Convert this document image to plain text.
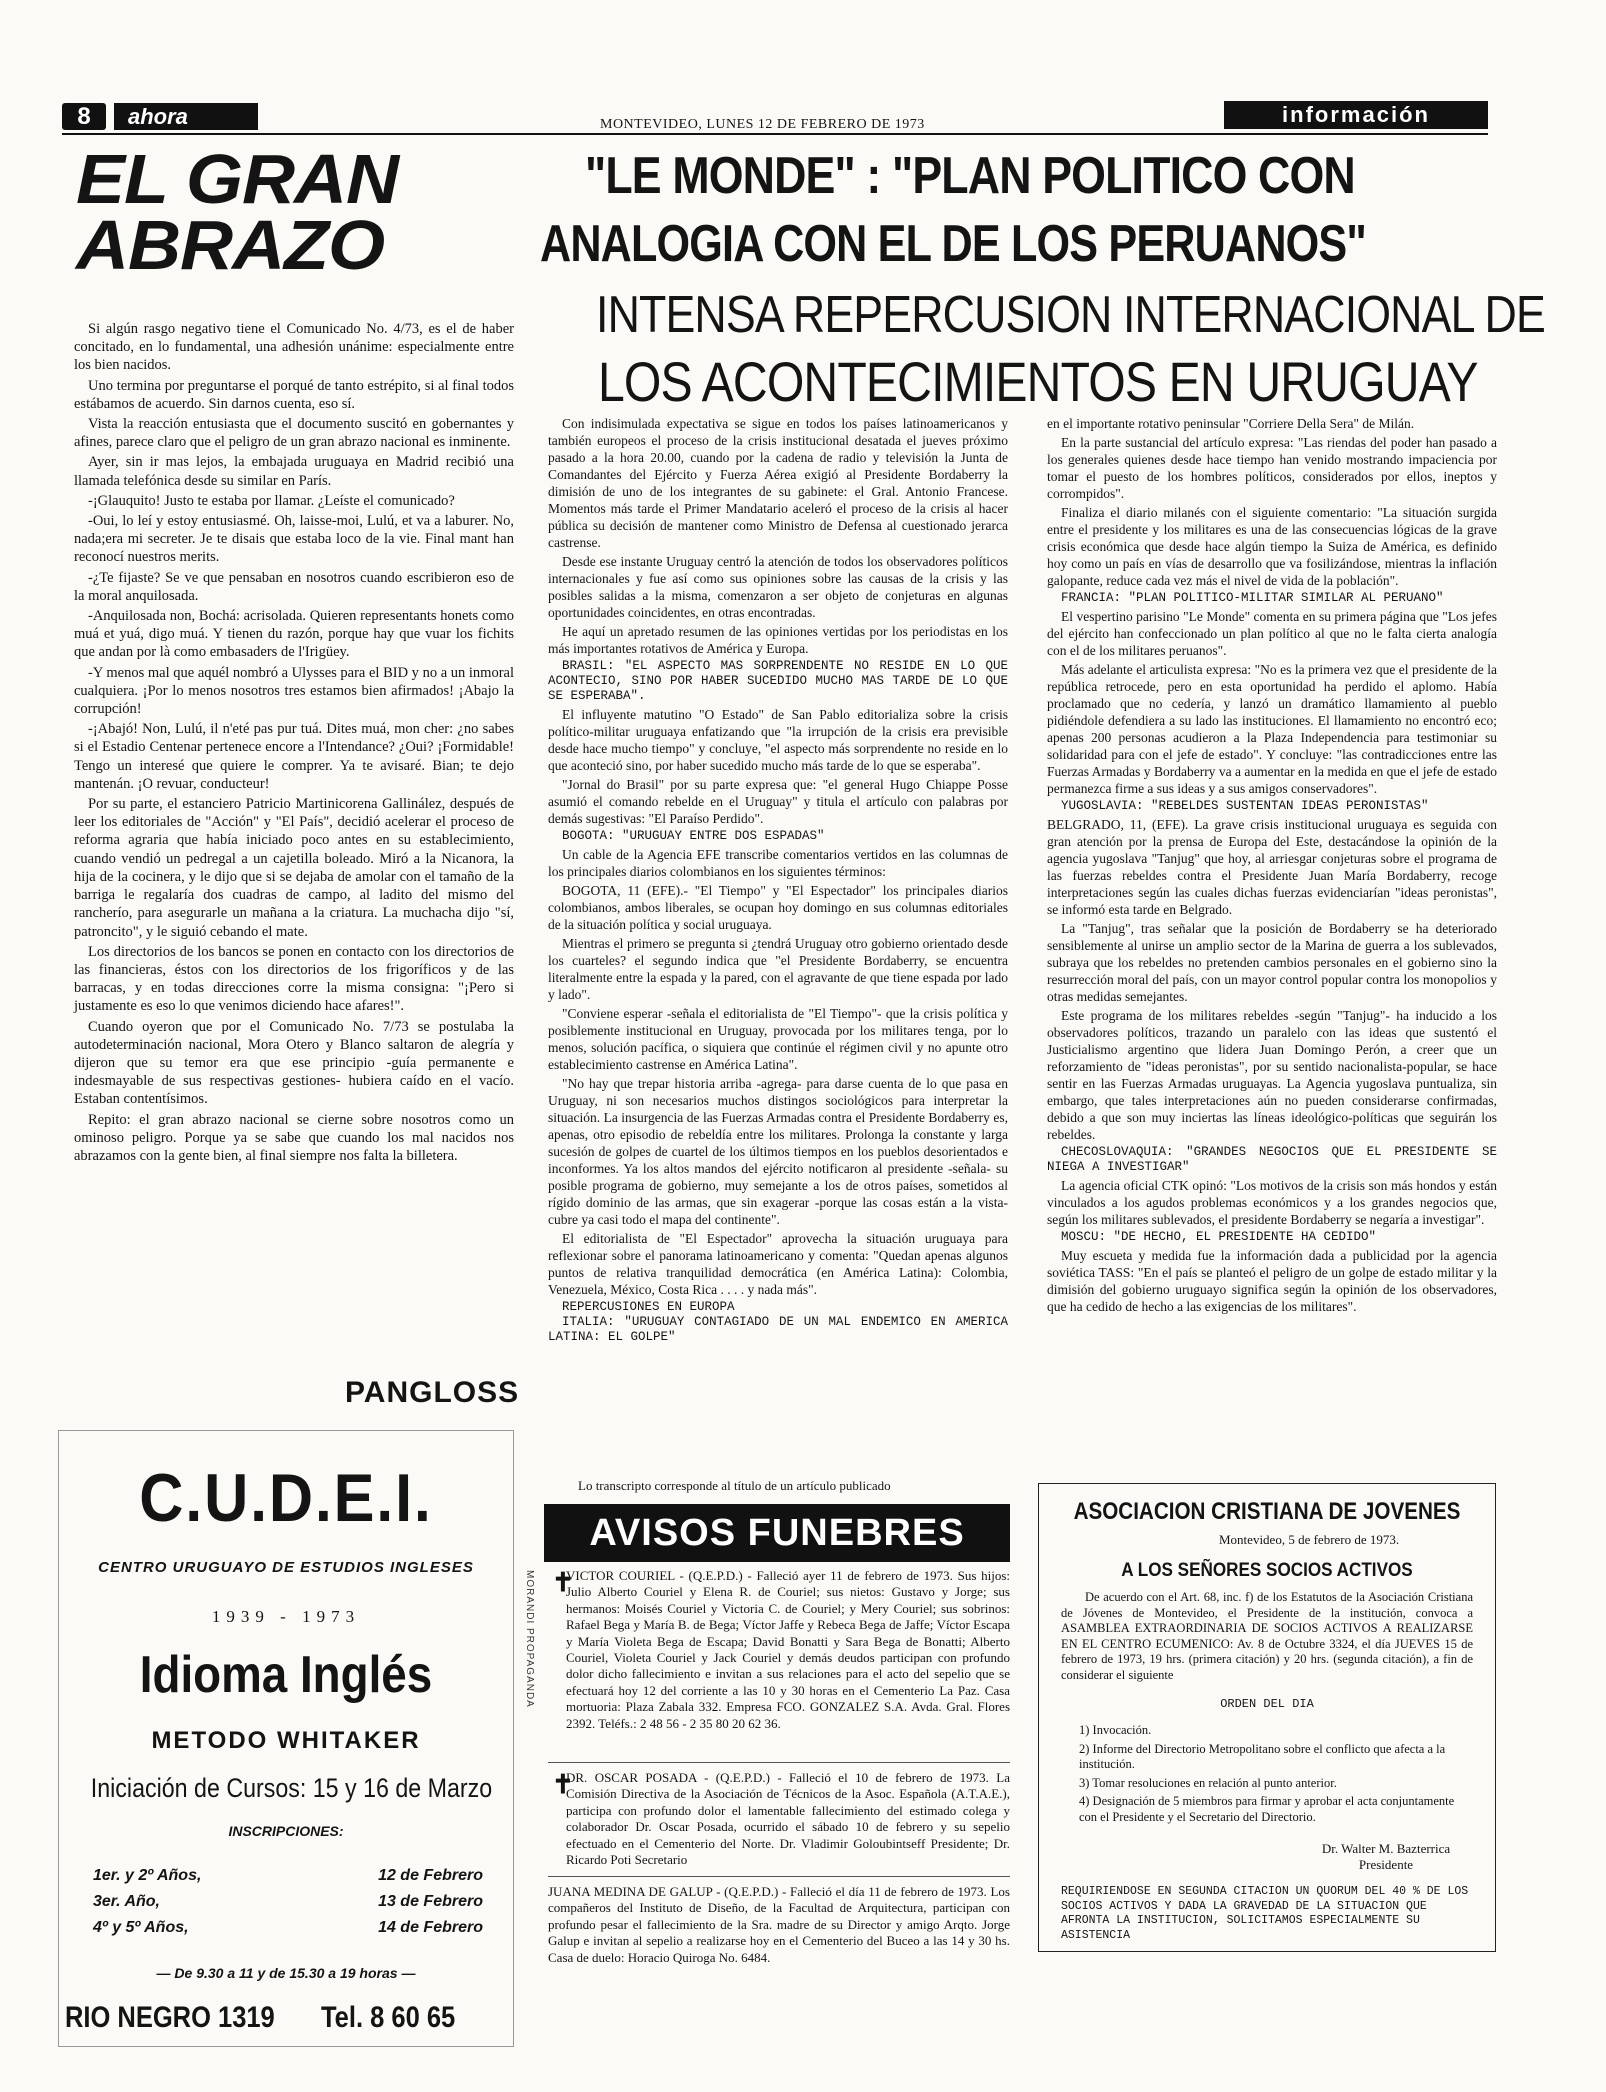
8	ahora	MONTEVIDEO, LUNES 12 DE FEBRERO DE 1973	información
EL GRAN
ABRAZO
"LE MONDE" : "PLAN POLITICO CON
ANALOGIA CON EL DE LOS PERUANOS"
INTENSA REPERCUSION INTERNACIONAL DE
LOS ACONTECIMIENTOS EN URUGUAY

Si algún rasgo negativo tiene el Comunicado No. 4/73, es el de haber concitado, en lo fundamental, una adhesión unánime: especialmente entre los bien nacidos.

Uno termina por preguntarse el porqué de tanto estrépito, si al final todos estábamos de acuerdo. Sin darnos cuenta, eso sí.

Vista la reacción entusiasta que el documento suscitó en gobernantes y afines, parece claro que el peligro de un gran abrazo nacional es inminente.

Ayer, sin ir mas lejos, la embajada uruguaya en Madrid recibió una llamada telefónica desde su similar en París.

-¡Glauquito! Justo te estaba por llamar. ¿Leíste el comunicado?

-Oui, lo leí y estoy entusiasmé. Oh, laisse-moi, Lulú, et va a laburer. No, nada;era mi secreter. Je te disais que estaba loco de la vie. Final mant han reconocí nuestros merits.

-¿Te fijaste? Se ve que pensaban en nosotros cuando escribieron eso de la moral anquilosada.

-Anquilosada non, Bochá: acrisolada. Quieren representants honets como muá et yuá, digo muá. Y tienen du razón, porque hay que vuar los fichits que andan por là como embasaders de l'Irigüey.

-Y menos mal que aquél nombró a Ulysses para el BID y no a un inmoral cualquiera. ¡Por lo menos nosotros tres estamos bien afirmados! ¡Abajo la corrupción!

-¡Abajó! Non, Lulú, il n'eté pas pur tuá. Dites muá, mon cher: ¿no sabes si el Estadio Centenar pertenece encore a l'Intendance? ¿Oui? ¡Formidable! Tengo un interesé que quiere le comprer. Ya te avisaré. Bian; te dejo mantenán. ¡O revuar, conducteur!

Por su parte, el estanciero Patricio Martinicorena Gallinález, después de leer los editoriales de "Acción" y "El País", decidió acelerar el proceso de reforma agraria que había iniciado poco antes en su establecimiento, cuando vendió un pedregal a un cajetilla boleado. Miró a la Nicanora, la hija de la cocinera, y le dijo que si se dejaba de amolar con el tamaño de la barriga le regalaría dos cuadras de campo, al ladito del mismo del rancherío, para asegurarle un mañana a la criatura. La muchacha dijo "sí, patroncito", y le siguió cebando el mate.

Los directorios de los bancos se ponen en contacto con los directorios de las financieras, éstos con los directorios de los frigoríficos y de las barracas, y en todas direcciones corre la misma consigna: "¡Pero si justamente es eso lo que venimos diciendo hace afares!".

Cuando oyeron que por el Comunicado No. 7/73 se postulaba la autodeterminación nacional, Mora Otero y Blanco saltaron de alegría y dijeron que su temor era que ese principio -guía permanente e indesmayable de sus respectivas gestiones- hubiera caído en el vacío. Estaban contentísimos.

Repito: el gran abrazo nacional se cierne sobre nosotros como un ominoso peligro. Porque ya se sabe que cuando los mal nacidos nos abrazamos con la gente bien, al final siempre nos falta la billetera.

PANGLOSS

Con indisimulada expectativa se sigue en todos los países latinoamericanos y también europeos el proceso de la crisis institucional desatada el jueves próximo pasado a la hora 20.00, cuando por la cadena de radio y televisión la Junta de Comandantes del Ejército y Fuerza Aérea exigió al Presidente Bordaberry la dimisión de uno de los integrantes de su gabinete: el Gral. Antonio Francese. Momentos más tarde el Primer Mandatario aceleró el proceso de la crisis al hacer pública su decisión de mantener como Ministro de Defensa al cuestionado jerarca castrense.

Desde ese instante Uruguay centró la atención de todos los observadores políticos internacionales y fue así como sus opiniones sobre las causas de la crisis y las posibles salidas a la misma, comenzaron a ser objeto de conjeturas en algunas oportunidades coincidentes, en otras encontradas.

He aquí un apretado resumen de las opiniones vertidas por los periodistas en los más importantes rotativos de América y Europa.

BRASIL: "EL ASPECTO MAS SORPRENDENTE NO RESIDE EN LO QUE ACONTECIO, SINO POR HABER SUCEDIDO MUCHO MAS TARDE DE LO QUE SE ESPERABA".

El influyente matutino "O Estado" de San Pablo editorializa sobre la crisis político-militar uruguaya enfatizando que "la irrupción de la crisis era previsible desde hace mucho tiempo" y concluye, "el aspecto más sorprendente no reside en lo que aconteció sino, por haber sucedido mucho más tarde de lo que se esperaba".

"Jornal do Brasil" por su parte expresa que: "el general Hugo Chiappe Posse asumió el comando rebelde en el Uruguay" y titula el artículo con palabras por demás sugestivas: "El Paraíso Perdido".

BOGOTA: "URUGUAY ENTRE DOS ESPADAS"

Un cable de la Agencia EFE transcribe comentarios vertidos en las columnas de los principales diarios colombianos en los siguientes términos:

BOGOTA, 11 (EFE).- "El Tiempo" y "El Espectador" los principales diarios colombianos, ambos liberales, se ocupan hoy domingo en sus columnas editoriales de la situación política y social uruguaya.

Mientras el primero se pregunta si ¿tendrá Uruguay otro gobierno orientado desde los cuarteles? el segundo indica que "el Presidente Bordaberry, se encuentra literalmente entre la espada y la pared, con el agravante de que tiene espada por lado y lado".

"Conviene esperar -señala el editorialista de "El Tiempo"- que la crisis política y posiblemente institucional en Uruguay, provocada por los militares tenga, por lo menos, solución pacífica, o siquiera que continúe el régimen civil y no apunte otro establecimiento castrense en América Latina".

"No hay que trepar historia arriba -agrega- para darse cuenta de lo que pasa en Uruguay, ni son necesarios muchos distingos sociológicos para interpretar la situación. La insurgencia de las Fuerzas Armadas contra el Presidente Bordaberry es, apenas, otro episodio de rebeldía entre los militares. Prolonga la constante y larga sucesión de golpes de cuartel de los últimos tiempos en los pueblos desorientados e inconformes. Ya los altos mandos del ejército notificaron al presidente -señala- su posible programa de gobierno, muy semejante a los de otros países, sometidos al rígido dominio de las armas, que sin exagerar -porque las cosas están a la vista- cubre ya casi todo el mapa del continente".

El editorialista de "El Espectador" aprovecha la situación uruguaya para reflexionar sobre el panorama latinoamericano y comenta: "Quedan apenas algunos puntos de relativa tranquilidad democrática (en América Latina): Colombia, Venezuela, México, Costa Rica . . . . y nada más".

REPERCUSIONES EN EUROPA

ITALIA: "URUGUAY CONTAGIADO DE UN MAL ENDEMICO EN AMERICA LATINA: EL GOLPE"

Lo transcripto corresponde al título de un artículo publicado

en el importante rotativo peninsular "Corriere Della Sera" de Milán.

En la parte sustancial del artículo expresa: "Las riendas del poder han pasado a los generales quienes desde hace tiempo han venido mostrando impaciencia por tomar el puesto de los hombres políticos, considerados por ellos, ineptos y corrompidos".

Finaliza el diario milanés con el siguiente comentario: "La situación surgida entre el presidente y los militares es una de las consecuencias lógicas de la grave crisis económica que desde hace algún tiempo la Suiza de América, es definido hoy como un país en vías de desarrollo que va fosilizándose, mientras la inflación galopante, reduce cada vez más el nivel de vida de la población".

FRANCIA: "PLAN POLITICO-MILITAR SIMILAR AL PERUANO"

El vespertino parisino "Le Monde" comenta en su primera página que "Los jefes del ejército han confeccionado un plan político al que no le falta cierta analogía con el de los militares peruanos".

Más adelante el articulista expresa: "No es la primera vez que el presidente de la república retrocede, pero en esta oportunidad ha perdido el aplomo. Había proclamado que no cedería, y lanzó un dramático llamamiento al pueblo pidiéndole defendiera a su lado las instituciones. El llamamiento no encontró eco; apenas 200 personas acudieron a la Plaza Independencia para testimoniar su solidaridad para con el jefe de estado". Y concluye: "las contradicciones entre las Fuerzas Armadas y Bordaberry va a aumentar en la medida en que el jefe de estado permanezca firme a sus ideas y a sus amigos conservadores".

YUGOSLAVIA: "REBELDES SUSTENTAN IDEAS PERONISTAS"

BELGRADO, 11, (EFE). La grave crisis institucional uruguaya es seguida con gran atención por la prensa de Europa del Este, destacándose la opinión de la agencia yugoslava "Tanjug" que hoy, al arriesgar conjeturas sobre el programa de las fuerzas rebeldes contra el Presidente Juan María Bordaberry, recoge interpretaciones según las cuales dichas fuerzas evidenciarían "ideas peronistas", se informó esta tarde en Belgrado.

La "Tanjug", tras señalar que la posición de Bordaberry se ha deteriorado sensiblemente al unirse un amplio sector de la Marina de guerra a los sublevados, subraya que los rebeldes no pretenden cambios personales en el gobierno sino la resurrección moral del país, con un mayor control popular contra los monopolios y otras medidas semejantes.

Este programa de los militares rebeldes -según "Tanjug"- ha inducido a los observadores políticos, trazando un paralelo con las ideas que sustentó el Justicialismo argentino que lidera Juan Domingo Perón, a creer que un reforzamiento de "ideas peronistas", por su sentido nacionalista-popular, se hace sentir en las Fuerzas Armadas uruguayas. La Agencia yugoslava puntualiza, sin embargo, que tales interpretaciones aún no pueden considerarse confirmadas, debido a que son muy inciertas las líneas ideológico-políticas que seguirán los rebeldes.

CHECOSLOVAQUIA: "GRANDES NEGOCIOS QUE EL PRESIDENTE SE NIEGA A INVESTIGAR"

La agencia oficial CTK opinó: "Los motivos de la crisis son más hondos y están vinculados a los agudos problemas económicos y a los grandes negocios que, según los militares sublevados, el presidente Bordaberry se negaría a investigar".

MOSCU: "DE HECHO, EL PRESIDENTE HA CEDIDO"

Muy escueta y medida fue la información dada a publicidad por la agencia soviética TASS: "En el país se planteó el peligro de un golpe de estado militar y la dimisión del gobierno uruguayo significa según la opinión de los observadores, que ha cedido de hecho a las exigencias de los militares".

C.U.D.E.I.
CENTRO URUGUAYO DE ESTUDIOS INGLESES
1939 - 1973
Idioma Inglés
METODO WHITAKER
Iniciación de Cursos: 15 y 16 de Marzo
INSCRIPCIONES:
1er. y 2º Años,	12 de Febrero
3er. Año,	13 de Febrero
4º y 5º Años,	14 de Febrero
— De 9.30 a 11 y de 15.30 a 19 horas —
RIO NEGRO 1319 Tel. 8 60 65
MORANDI PROPAGANDA
AVISOS FUNEBRES
✝
VICTOR COURIEL - (Q.E.P.D.) - Falleció ayer 11 de febrero de 1973. Sus hijos: Julio Alberto Couriel y Elena R. de Couriel; sus nietos: Gustavo y Jorge; sus hermanos: Moisés Couriel y Victoria C. de Couriel; y Mery Couriel; sus sobrinos: Rafael Bega y María B. de Bega; Víctor Jaffe y Rebeca Bega de Jaffe; Víctor Escapa y María Violeta Bega de Escapa; David Bonatti y Sara Bega de Bonatti; Alberto Couriel, Violeta Couriel y Jack Couriel y demás deudos participan con profundo dolor dicho fallecimiento e invitan a sus relaciones para el acto del sepelio que se efectuará hoy 12 del corriente a las 10 y 30 horas en el Cementerio La Paz. Casa mortuoria: Plaza Zabala 332. Empresa FCO. GONZALEZ S.A. Avda. Gral. Flores 2392. Teléfs.: 2 48 56 - 2 35 80 20 62 36.
✝
DR. OSCAR POSADA - (Q.E.P.D.) - Falleció el 10 de febrero de 1973. La Comisión Directiva de la Asociación de Técnicos de la Asoc. Española (A.T.A.E.), participa con profundo dolor el lamentable fallecimiento del estimado colega y colaborador Dr. Oscar Posada, ocurrido el sábado 10 de febrero y su sepelio efectuado en el Cementerio del Norte. Dr. Vladimir Goloubintseff Presidente; Dr. Ricardo Poti Secretario
JUANA MEDINA DE GALUP - (Q.E.P.D.) - Falleció el día 11 de febrero de 1973. Los compañeros del Instituto de Diseño, de la Facultad de Arquitectura, participan con profundo pesar el fallecimiento de la Sra. madre de su Director y amigo Arqto. Jorge Galup e invitan al sepelio a realizarse hoy en el Cementerio del Buceo a las 14 y 30 hs. Casa de duelo: Horacio Quiroga No. 6484.
ASOCIACION CRISTIANA DE JOVENES
Montevideo, 5 de febrero de 1973.
A LOS SEÑORES SOCIOS ACTIVOS
De acuerdo con el Art. 68, inc. f) de los Estatutos de la Asociación Cristiana de Jóvenes de Montevideo, el Presidente de la institución, convoca a ASAMBLEA EXTRAORDINARIA DE SOCIOS ACTIVOS A REALIZARSE EN EL CENTRO ECUMENICO: Av. 8 de Octubre 3324, el día JUEVES 15 de febrero de 1973, 19 hrs. (primera citación) y 20 hrs. (segunda citación), a fin de considerar el siguiente
ORDEN DEL DIA
1) Invocación.
2) Informe del Directorio Metropolitano sobre el conflicto que afecta a la institución.
3) Tomar resoluciones en relación al punto anterior.
4) Designación de 5 miembros para firmar y aprobar el acta conjuntamente con el Presidente y el Secretario del Directorio.
Dr. Walter M. Bazterrica
Presidente
REQUIRIENDOSE EN SEGUNDA CITACION UN QUORUM DEL 40 % DE LOS SOCIOS ACTIVOS Y DADA LA GRAVEDAD DE LA SITUACION QUE AFRONTA LA INSTITUCION, SOLICITAMOS ESPECIALMENTE SU ASISTENCIA
